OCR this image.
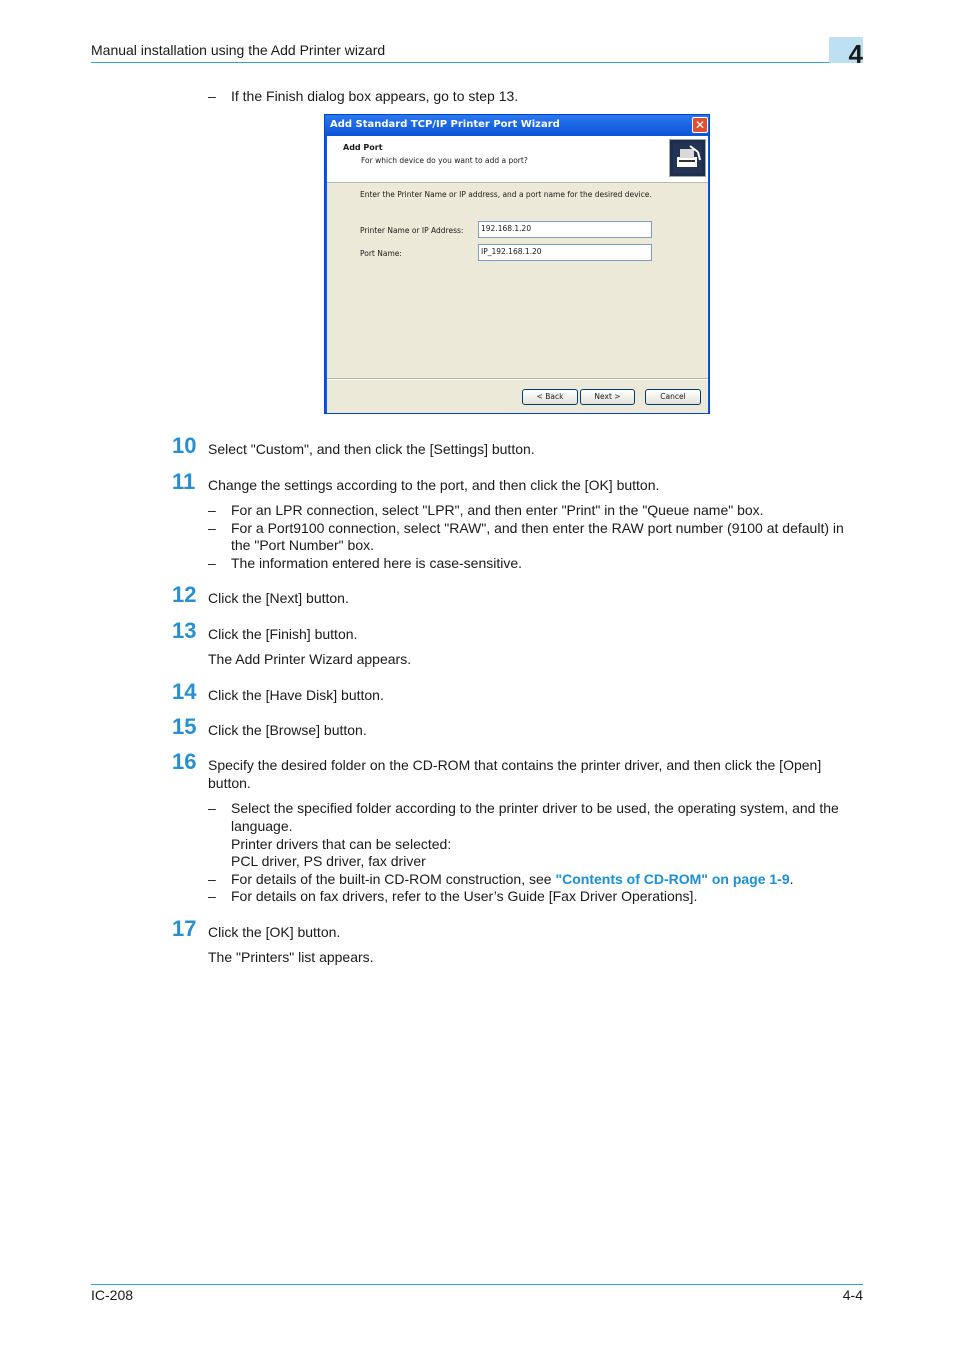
Manual installation using the Add Printer wizard	4
– If the Finish dialog box appears, go to step 13.
Add Standard TCP/IP Printer Port Wizard	✕
Add Port
For which device do you want to add a port?
Enter the Printer Name or IP address, and a port name for the desired device.
Printer Name or IP Address:	192.168.1.20
Port Name:	IP_192.168.1.20
< Back	Next >	Cancel
10 Select "Custom", and then click the [Settings] button.
11 Change the settings according to the port, and then click the [OK] button.
– For an LPR connection, select "LPR", and then enter "Print" in the "Queue name" box.
– For a Port9100 connection, select "RAW", and then enter the RAW port number (9100 at default) in
the "Port Number" box.
– The information entered here is case-sensitive.
12 Click the [Next] button.
13 Click the [Finish] button.
The Add Printer Wizard appears.
14 Click the [Have Disk] button.
15 Click the [Browse] button.
16 Specify the desired folder on the CD-ROM that contains the printer driver, and then click the [Open]
button.
– Select the specified folder according to the printer driver to be used, the operating system, and the
language.
Printer drivers that can be selected:
PCL driver, PS driver, fax driver
– For details of the built-in CD-ROM construction, see "Contents of CD-ROM" on page 1-9.
– For details on fax drivers, refer to the User’s Guide [Fax Driver Operations].
17 Click the [OK] button.
The "Printers" list appears.
IC-208	4-4
